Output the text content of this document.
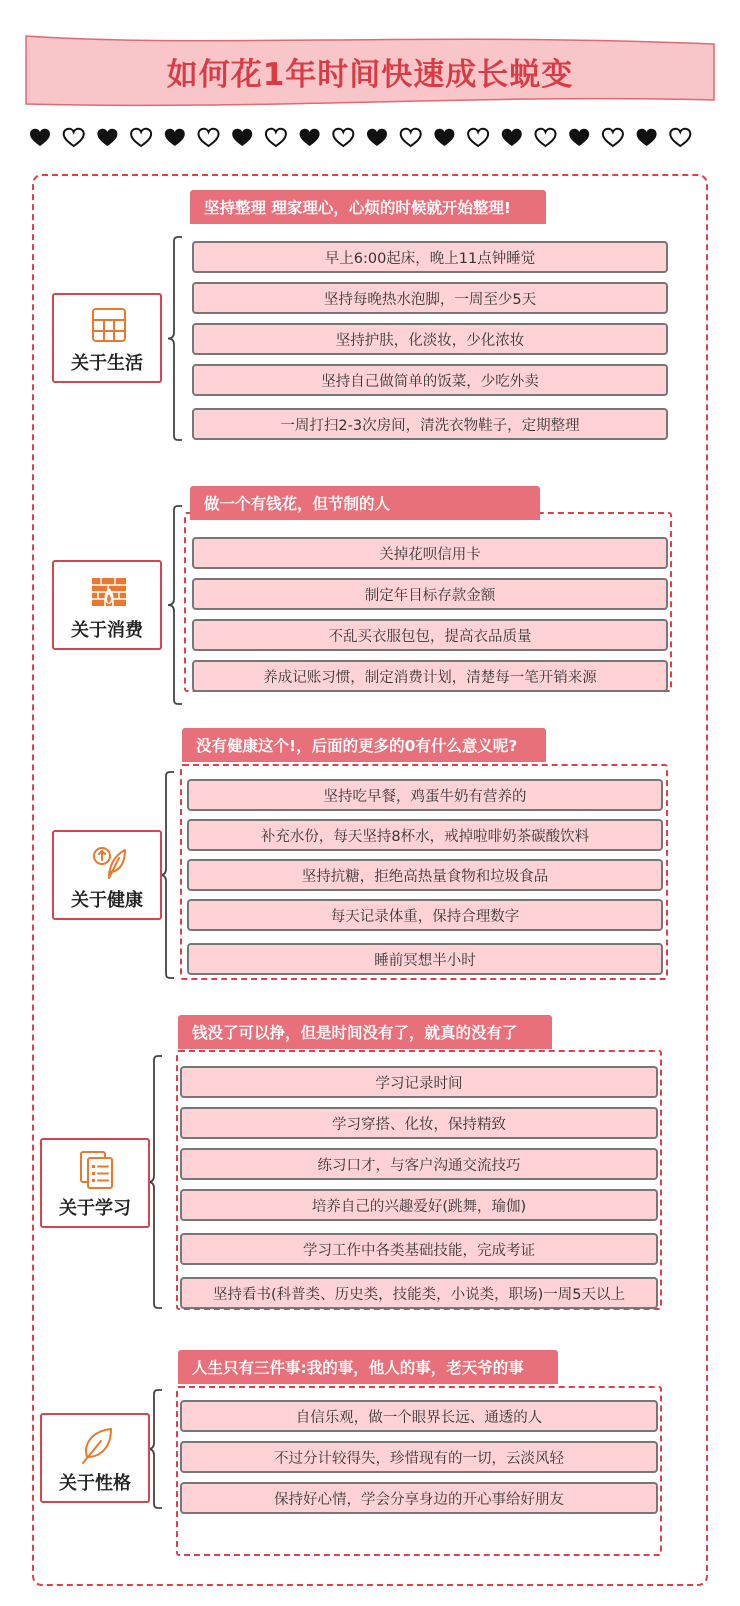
如何花1年时间快速成长蜕变
坚持整理 理家理心，心烦的时候就开始整理!
早上6:00起床，晚上11点钟睡觉
坚持每晚热水泡脚，一周至少5天
坚持护肤，化淡妆，少化浓妆
坚持自己做简单的饭菜，少吃外卖
一周打扫2-3次房间，清洗衣物鞋子，定期整理
关于生活
做一个有钱花，但节制的人
关掉花呗信用卡
制定年目标存款金额
不乱买衣服包包，提高衣品质量
养成记账习惯，制定消费计划，清楚每一笔开销来源
关于消费
没有健康这个!，后面的更多的0有什么意义呢?
坚持吃早餐，鸡蛋牛奶有营养的
补充水份，每天坚持8杯水，戒掉啦啡奶茶碳酸饮料
坚持抗糖，拒绝高热量食物和垃圾食品
每天记录体重，保持合理数字
睡前冥想半小时
关于健康
钱没了可以挣，但是时间没有了，就真的没有了
学习记录时间
学习穿搭、化妆，保持精致
练习口才，与客户沟通交流技巧
培养自己的兴趣爱好(跳舞，瑜伽)
学习工作中各类基础技能，完成考证
坚持看书(科普类、历史类，技能类，小说类，职场)一周5天以上
关于学习
人生只有三件事:我的事，他人的事，老天爷的事
自信乐观，做一个眼界长远、通透的人
不过分计较得失，珍惜现有的一切，云淡风轻
保持好心情，学会分享身边的开心事给好朋友
关于性格
